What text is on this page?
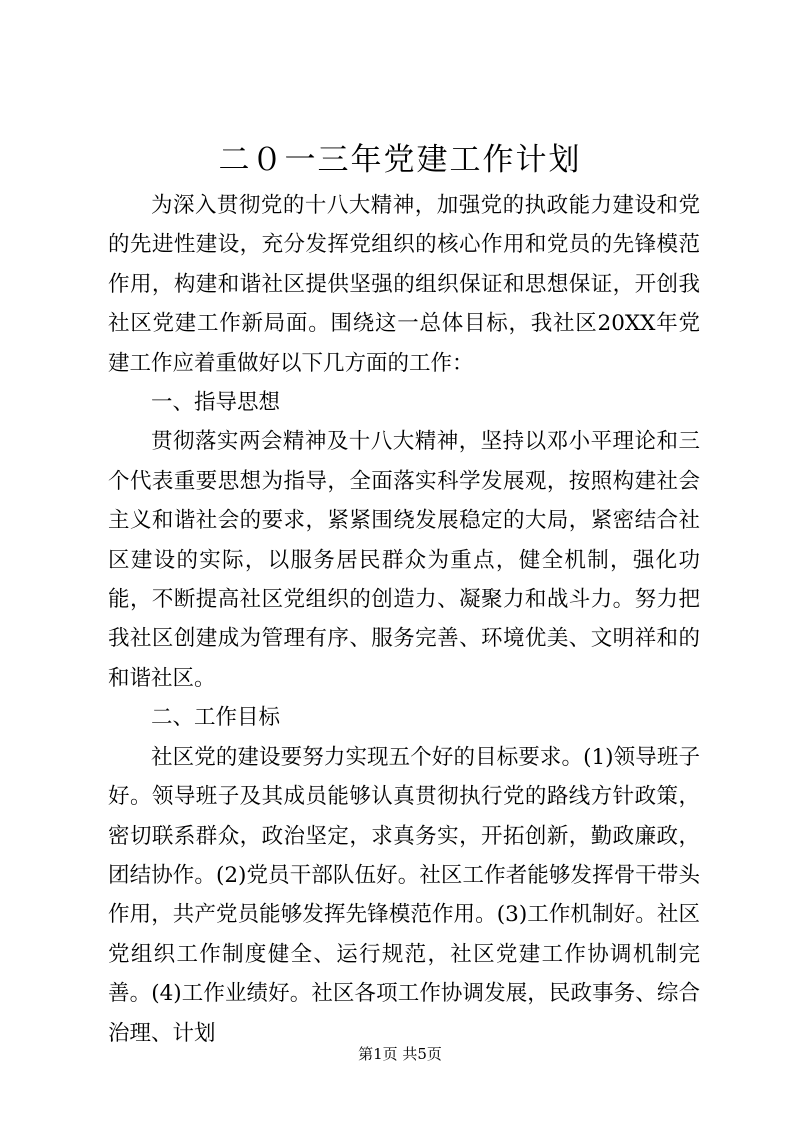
二０一三年党建工作计划

为深入贯彻党的十八大精神，加强党的执政能力建设和党的先进性建设，充分发挥党组织的核心作用和党员的先锋模范作用，构建和谐社区提供坚强的组织保证和思想保证，开创我社区党建工作新局面。围绕这一总体目标，我社区20XX年党建工作应着重做好以下几方面的工作：

一、指导思想

贯彻落实两会精神及十八大精神，坚持以邓小平理论和三个代表重要思想为指导，全面落实科学发展观，按照构建社会主义和谐社会的要求，紧紧围绕发展稳定的大局，紧密结合社区建设的实际，以服务居民群众为重点，健全机制，强化功能，不断提高社区党组织的创造力、凝聚力和战斗力。努力把我社区创建成为管理有序、服务完善、环境优美、文明祥和的和谐社区。

二、工作目标

社区党的建设要努力实现五个好的目标要求。(1)领导班子好。领导班子及其成员能够认真贯彻执行党的路线方针政策，密切联系群众，政治坚定，求真务实，开拓创新，勤政廉政，团结协作。(2)党员干部队伍好。社区工作者能够发挥骨干带头作用，共产党员能够发挥先锋模范作用。(3)工作机制好。社区党组织工作制度健全、运行规范，社区党建工作协调机制完善。(4)工作业绩好。社区各项工作协调发展，民政事务、综合治理、计划

第1页 共5页
